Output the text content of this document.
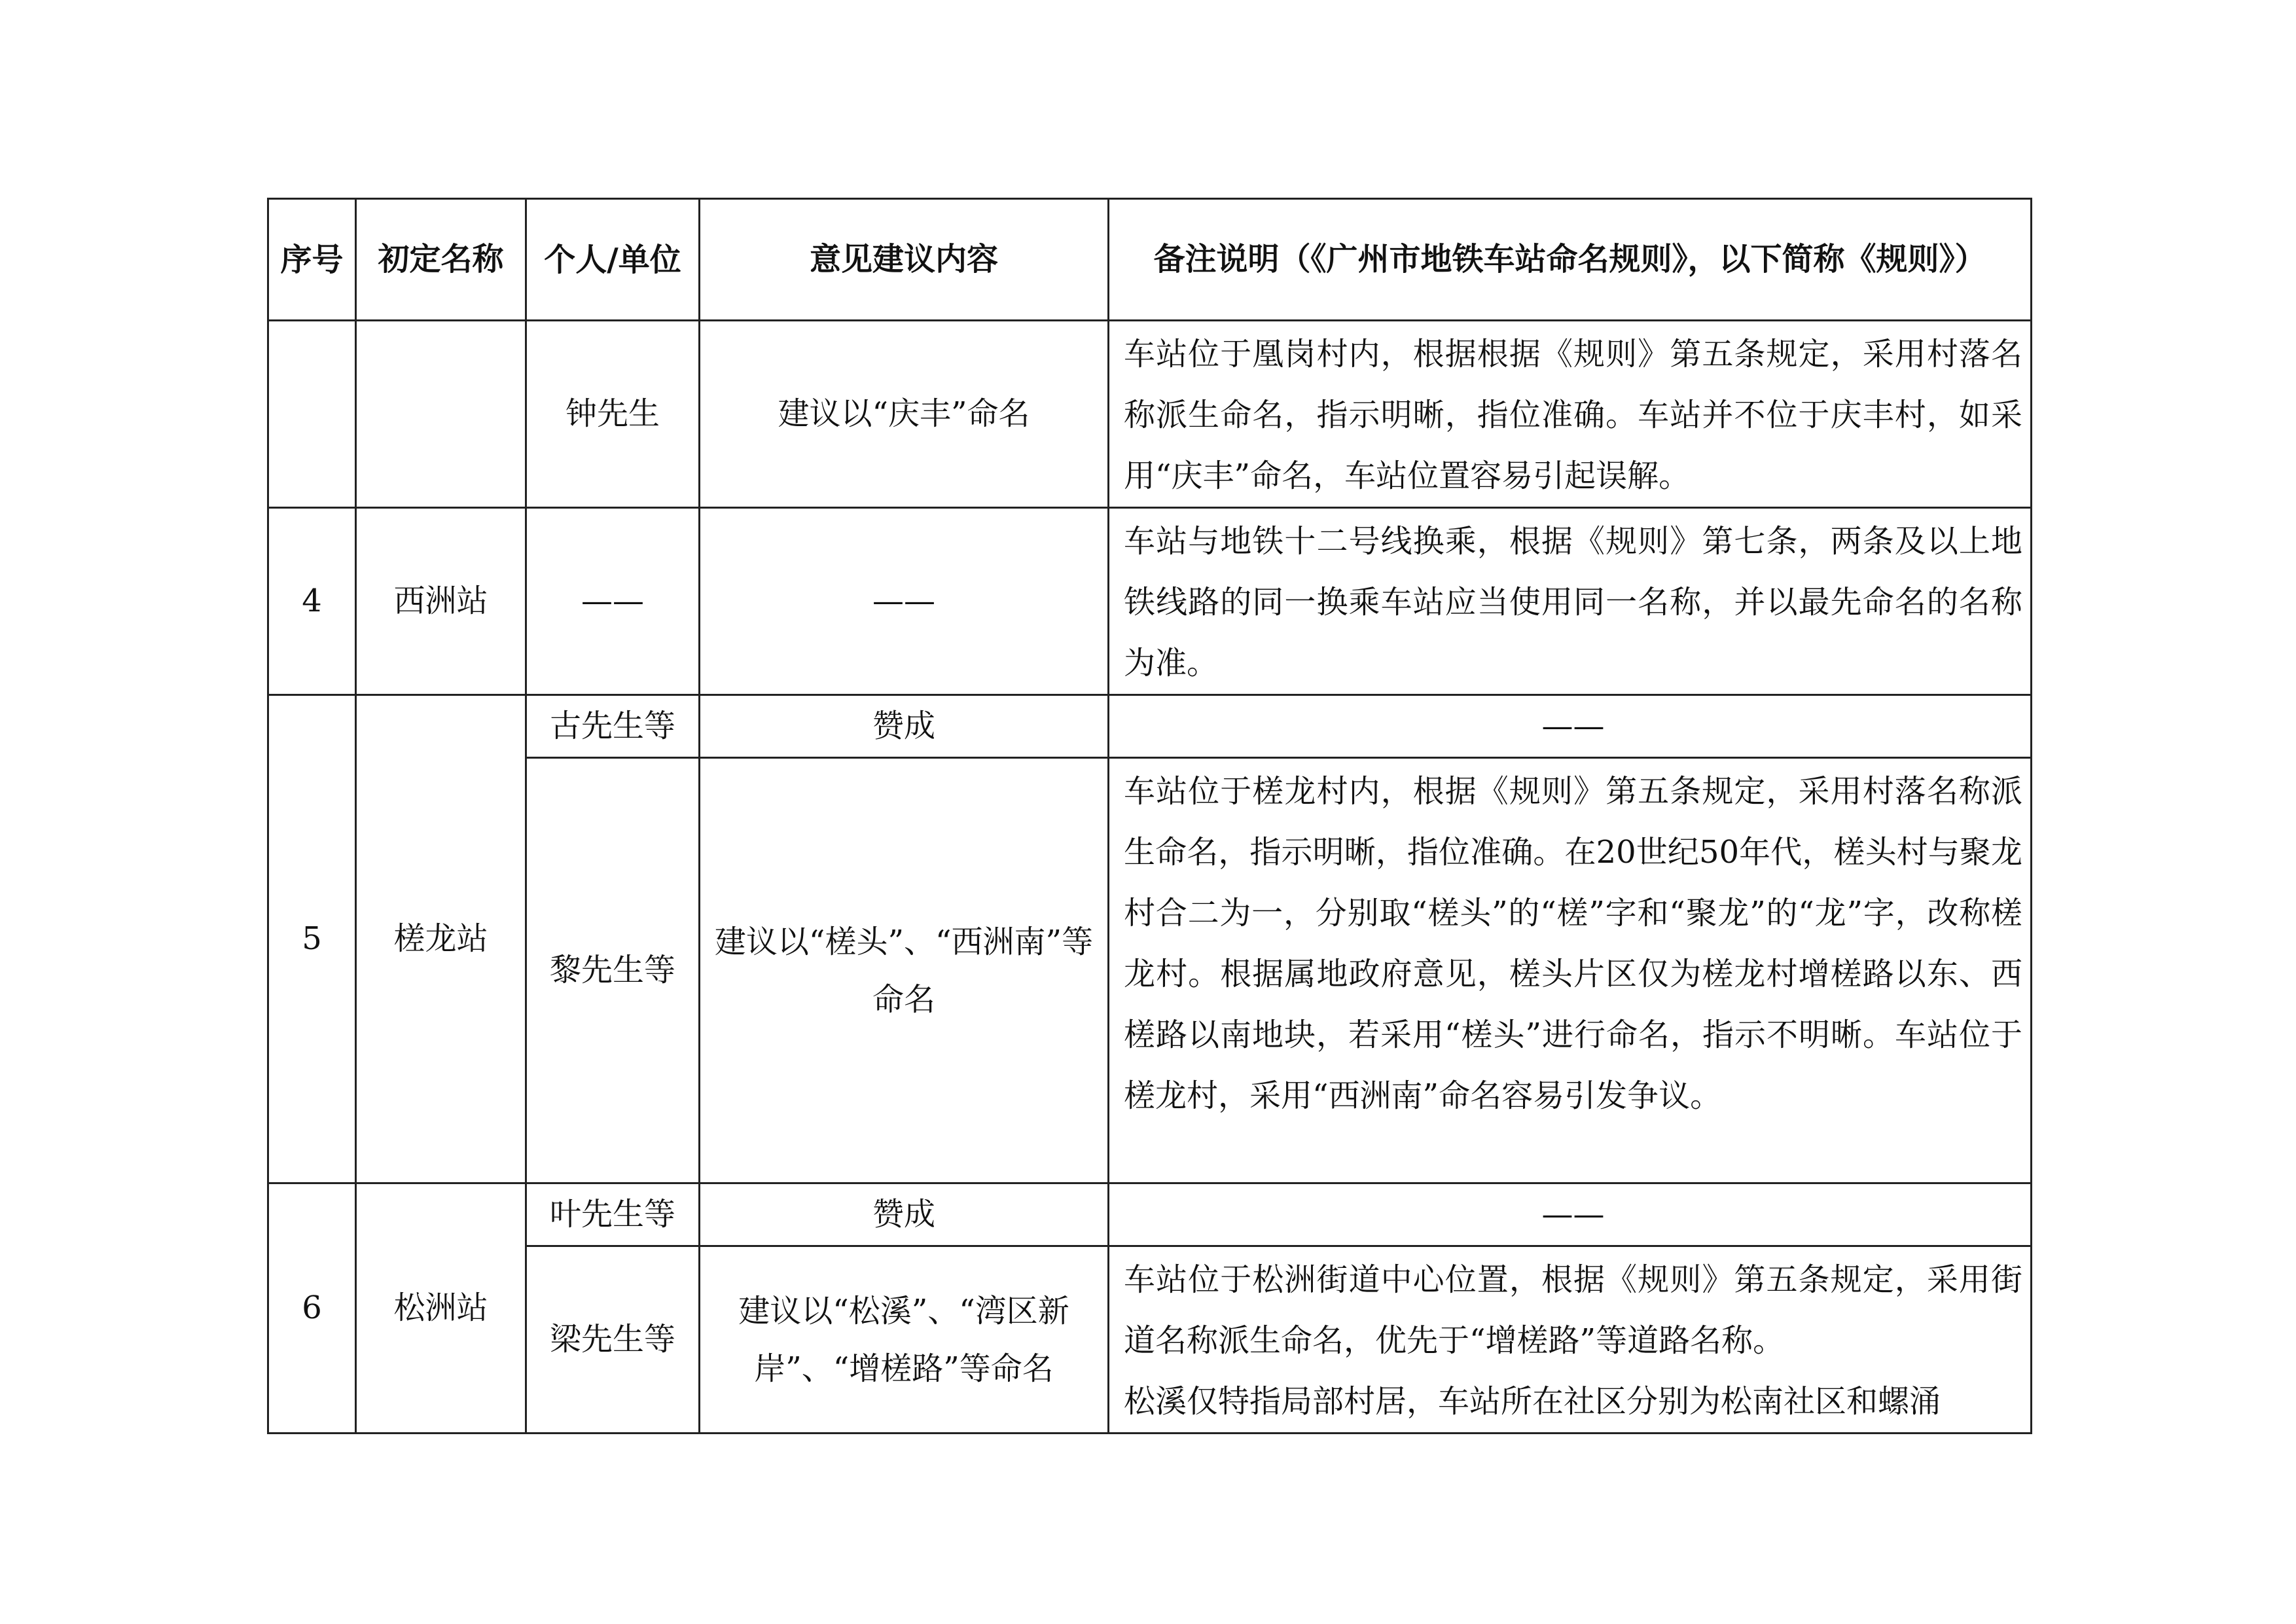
序号	初定名称	个人/单位	意见建议内容	备注说明（《广州市地铁车站命名规则》，以下简称《规则》）
		钟先生	建议以“庆丰”命名	车站位于凰岗村内，根据根据《规则》第五条规定，采用村落名称派生命名，指示明晰，指位准确。车站并不位于庆丰村，如采用“庆丰”命名，车站位置容易引起误解。

4	西洲站	——	——	车站与地铁十二号线换乘，根据《规则》第七条，两条及以上地铁线路的同一换乘车站应当使用同一名称，并以最先命名的名称为准。

5	槎龙站	古先生等	赞成	——
		黎先生等	建议以“槎头”、“西洲南”等命名	车站位于槎龙村内，根据《规则》第五条规定，采用村落名称派生命名，指示明晰，指位准确。在20世纪50年代，槎头村与聚龙村合二为一，分别取“槎头”的“槎”字和“聚龙”的“龙”字，改称槎龙村。根据属地政府意见，槎头片区仅为槎龙村增槎路以东、西槎路以南地块，若采用“槎头”进行命名，指示不明晰。车站位于槎龙村，采用“西洲南”命名容易引发争议。

6	松洲站	叶先生等	赞成	——
		梁先生等	建议以“松溪”、“湾区新岸”、“增槎路”等命名	车站位于松洲街道中心位置，根据《规则》第五条规定，采用街道名称派生命名，优先于“增槎路”等道路名称。
松溪仅特指局部村居，车站所在社区分别为松南社区和螺涌
